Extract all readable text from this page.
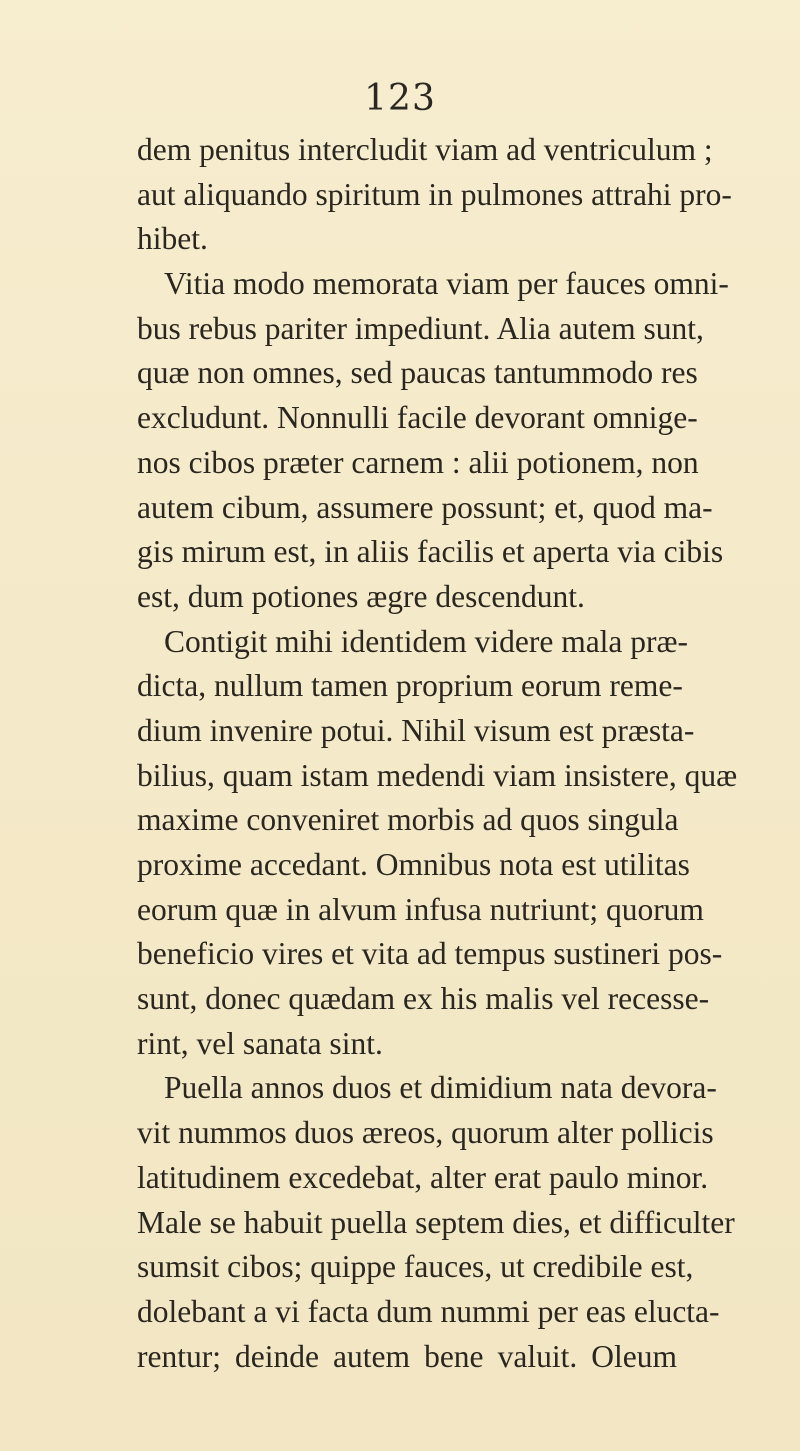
123
dem penitus intercludit viam ad ventriculum ;
aut aliquando spiritum in pulmones attrahi pro-
hibet.
Vitia modo memorata viam per fauces omni-
bus rebus pariter impediunt. Alia autem sunt,
quæ non omnes, sed paucas tantummodo res
excludunt. Nonnulli facile devorant omnige-
nos cibos præter carnem : alii potionem, non
autem cibum, assumere possunt; et, quod ma-
gis mirum est, in aliis facilis et aperta via cibis
est, dum potiones ægre descendunt.
Contigit mihi identidem videre mala præ-
dicta, nullum tamen proprium eorum reme-
dium invenire potui. Nihil visum est præsta-
bilius, quam istam medendi viam insistere, quæ
maxime conveniret morbis ad quos singula
proxime accedant. Omnibus nota est utilitas
eorum quæ in alvum infusa nutriunt; quorum
beneficio vires et vita ad tempus sustineri pos-
sunt, donec quædam ex his malis vel recesse-
rint, vel sanata sint.
Puella annos duos et dimidium nata devora-
vit nummos duos æreos, quorum alter pollicis
latitudinem excedebat, alter erat paulo minor.
Male se habuit puella septem dies, et difficulter
sumsit cibos; quippe fauces, ut credibile est,
dolebant a vi facta dum nummi per eas elucta-
rentur; deinde autem bene valuit. Oleum
